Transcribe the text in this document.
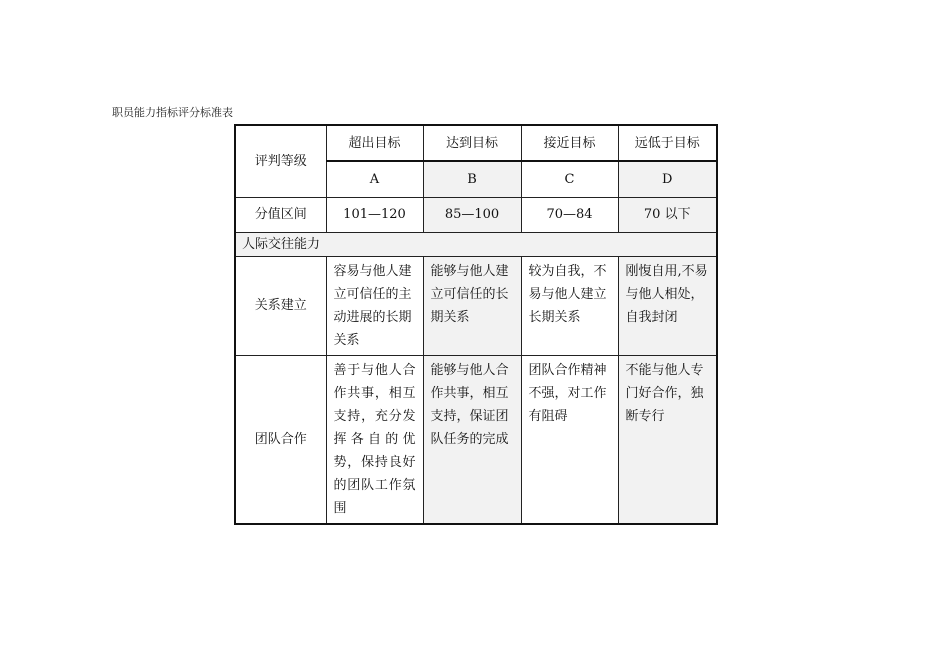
职员能力指标评分标准表
评判等级	超出目标	达到目标	接近目标	远低于目标
	A	B	C	D
分值区间	101—120	85—100	70—84	70 以下
人际交往能力				
关系建立	容易与他人建立可信任的主动进展的长期关系	能够与他人建立可信任的长期关系	较为自我，不易与他人建立长期关系	刚愎自用,不易与他人相处，自我封闭
团队合作	善于与他人合作共事，相互支持，充分发挥各自的优势，保持良好的团队工作氛围	能够与他人合作共事，相互支持，保证团队任务的完成	团队合作精神不强，对工作有阻碍	不能与他人专门好合作，独断专行
